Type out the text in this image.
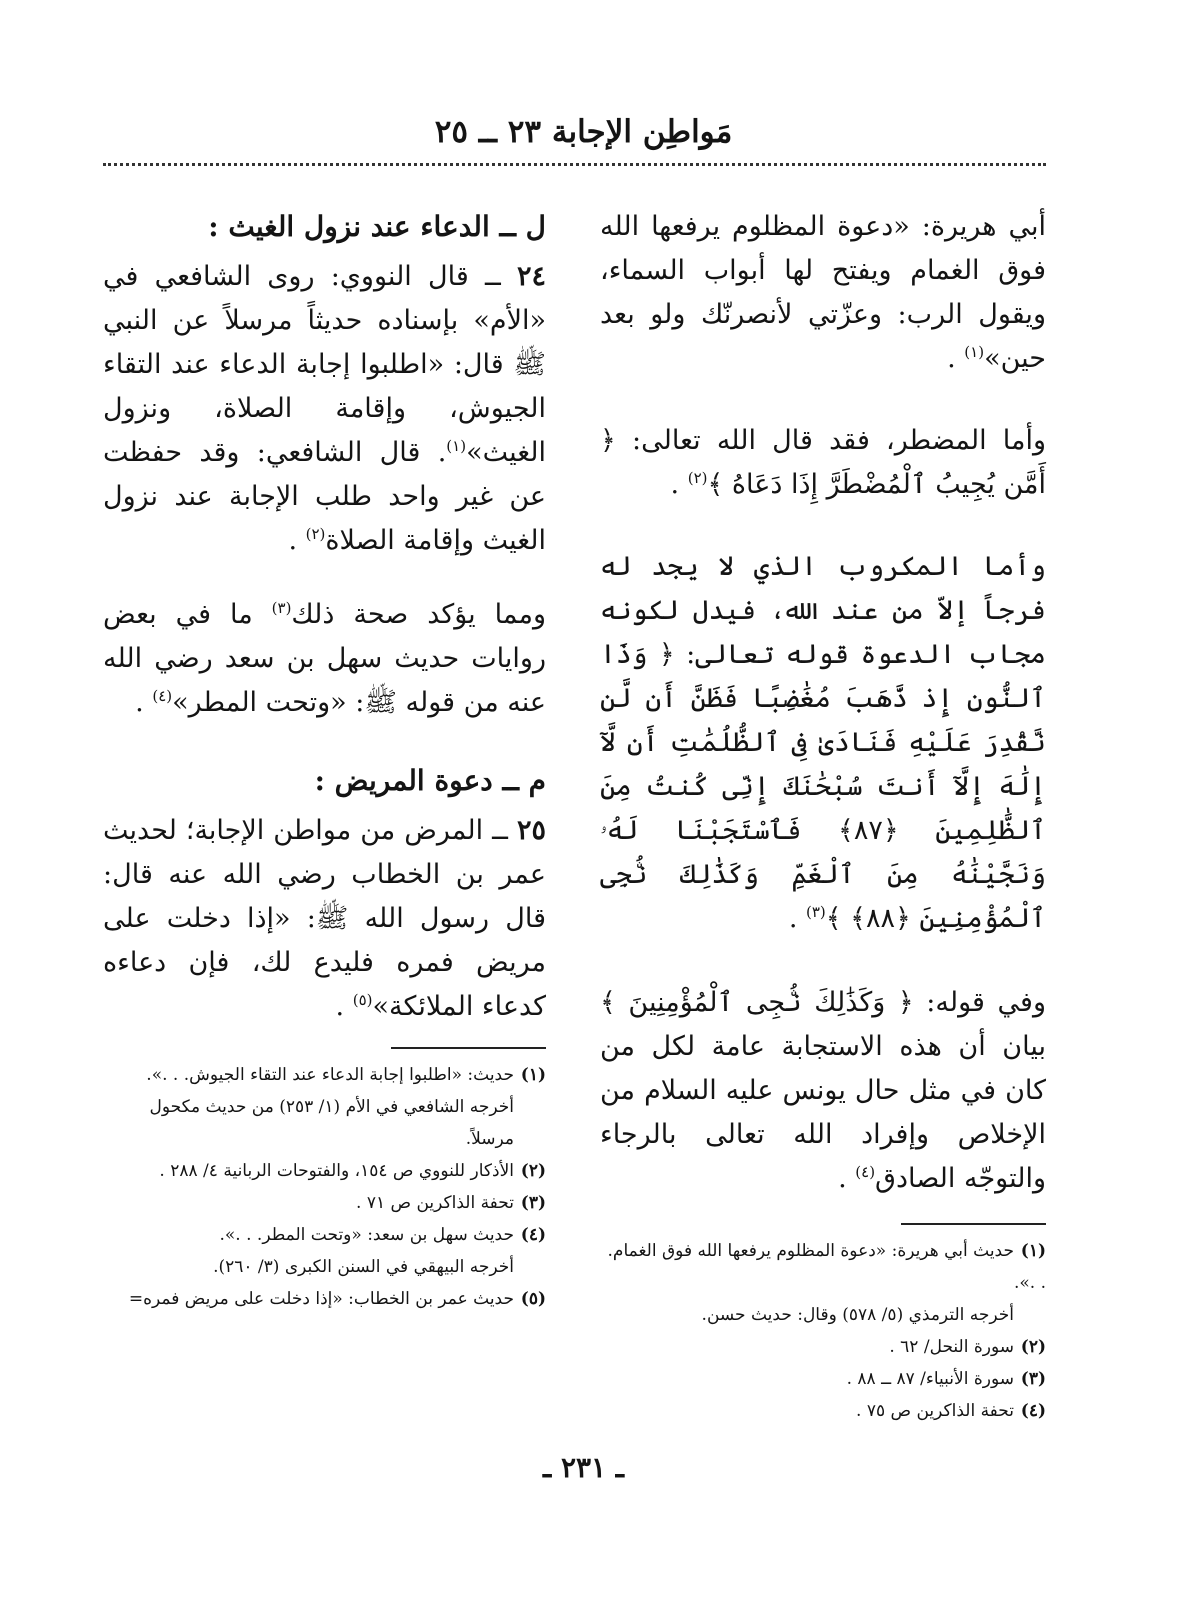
مَواطِن الإجابة ٢٣ ــ ٢٥

أبي هريرة: «دعوة المظلوم يرفعها الله فوق الغمام ويفتح لها أبواب السماء، ويقول الرب: وعزّتي لأنصرنّك ولو بعد حين»$^{(١)}$ .

وأما المضطر، فقد قال الله تعالى: ﴿ أَمَّن يُجِيبُ ٱلْمُضْطَرَّ إِذَا دَعَاهُ ﴾$^{(٢)}$ .

وأما المكروب الذي لا يجد له فرجاً إلاّ من عند الله، فيدل لكونه مجاب الدعوة قوله تعالى: ﴿ وَذَا ٱلنُّونِ إِذ ذَّهَبَ مُغَٰضِبًا فَظَنَّ أَن لَّن نَّقْدِرَ عَلَيْهِ فَنَادَىٰ فِى ٱلظُّلُمَٰتِ أَن لَّآ إِلَٰهَ إِلَّآ أَنتَ سُبْحَٰنَكَ إِنِّى كُنتُ مِنَ ٱلظَّٰلِمِينَ ﴿٨٧﴾ فَٱسْتَجَبْنَا لَهُۥ وَنَجَّيْنَٰهُ مِنَ ٱلْغَمِّ وَكَذَٰلِكَ نُۨجِى ٱلْمُؤْمِنِينَ ﴿٨٨﴾ ﴾$^{(٣)}$ .

وفي قوله: ﴿ وَكَذَٰلِكَ نُۨجِى ٱلْمُؤْمِنِينَ ﴾ بيان أن هذه الاستجابة عامة لكل من كان في مثل حال يونس عليه السلام من الإخلاص وإفراد الله تعالى بالرجاء والتوجّه الصادق$^{(٤)}$ .

(١)حديث أبي هريرة: «دعوة المظلوم يرفعها الله فوق الغمام. . .».

أخرجه الترمذي (٥/ ٥٧٨) وقال: حديث حسن.

(٢)سورة النحل/ ٦٢ .

(٣)سورة الأنبياء/ ٨٧ ــ ٨٨ .

(٤)تحفة الذاكرين ص ٧٥ .

ل ــ الدعاء عند نزول الغيث :

٢٤ ــ قال النووي: روى الشافعي في «الأم» بإسناده حديثاً مرسلاً عن النبي ﷺ قال: «اطلبوا إجابة الدعاء عند التقاء الجيوش، وإقامة الصلاة، ونزول الغيث»$^{(١)}$. قال الشافعي: وقد حفظت عن غير واحد طلب الإجابة عند نزول الغيث وإقامة الصلاة$^{(٢)}$ .

ومما يؤكد صحة ذلك$^{(٣)}$ ما في بعض روايات حديث سهل بن سعد رضي الله عنه من قوله ﷺ: «وتحت المطر»$^{(٤)}$ .

م ــ دعوة المريض :

٢٥ ــ المرض من مواطن الإجابة؛ لحديث عمر بن الخطاب رضي الله عنه قال: قال رسول الله ﷺ: «إذا دخلت على مريض فمره فليدع لك، فإن دعاءه كدعاء الملائكة»$^{(٥)}$ .

(١)حديث: «اطلبوا إجابة الدعاء عند التقاء الجيوش. . .».

أخرجه الشافعي في الأم (١/ ٢٥٣) من حديث مكحول مرسلاً.

(٢)الأذكار للنووي ص ١٥٤، والفتوحات الربانية ٤/ ٢٨٨ .

(٣)تحفة الذاكرين ص ٧١ .

(٤)حديث سهل بن سعد: «وتحت المطر. . .».

أخرجه البيهقي في السنن الكبرى (٣/ ٢٦٠).

(٥)حديث عمر بن الخطاب: «إذا دخلت على مريض فمره=

ـ ٢٣١ ـ
